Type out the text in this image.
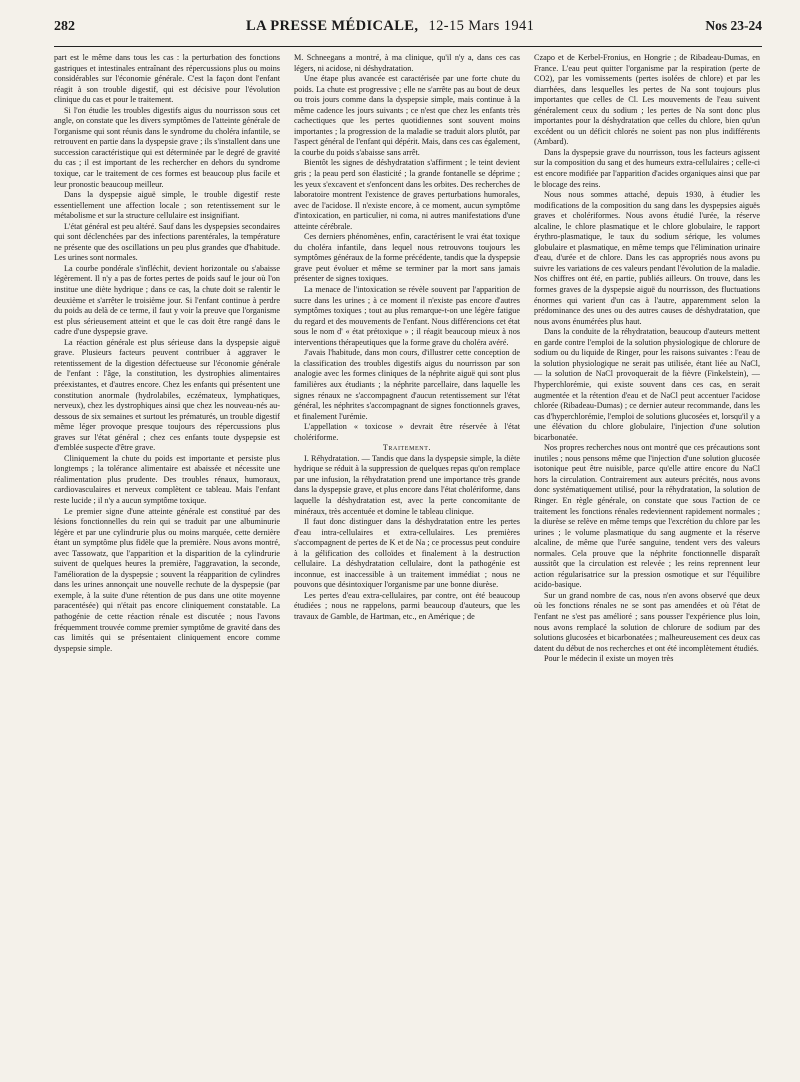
282	LA PRESSE MÉDICALE, 12-15 Mars 1941	Nos 23-24

part est le même dans tous les cas : la perturbation des fonctions gastriques et intestinales entraînant des répercussions plus ou moins considérables sur l'économie générale. C'est la façon dont l'enfant réagit à son trouble digestif, qui est décisive pour l'évolution clinique du cas et pour le traitement.

Si l'on étudie les troubles digestifs aigus du nourrisson sous cet angle, on constate que les divers symptômes de l'atteinte générale de l'organisme qui sont réunis dans le syndrome du choléra infantile, se retrouvent en partie dans la dyspepsie grave ; ils s'installent dans une succession caractéristique qui est déterminée par le degré de gravité du cas ; il est important de les rechercher en dehors du syndrome toxique, car le traitement de ces formes est beaucoup plus facile et leur pronostic beaucoup meilleur.

Dans la dyspepsie aiguë simple, le trouble digestif reste essentiellement une affection locale ; son retentissement sur le métabolisme et sur la structure cellulaire est insignifiant.

L'état général est peu altéré. Sauf dans les dyspepsies secondaires qui sont déclenchées par des infections parentérales, la température ne présente que des oscillations un peu plus grandes que d'habitude. Les urines sont normales.

La courbe pondérale s'infléchit, devient horizontale ou s'abaisse légèrement. Il n'y a pas de fortes pertes de poids sauf le jour où l'on institue une diète hydrique ; dans ce cas, la chute doit se ralentir le deuxième et s'arrêter le troisième jour. Si l'enfant continue à perdre du poids au delà de ce terme, il faut y voir la preuve que l'organisme est plus sérieusement atteint et que le cas doit être rangé dans le cadre d'une dyspepsie grave.

La réaction générale est plus sérieuse dans la dyspepsie aiguë grave. Plusieurs facteurs peuvent contribuer à aggraver le retentissement de la digestion défectueuse sur l'économie générale de l'enfant : l'âge, la constitution, les dystrophies alimentaires préexistantes, et d'autres encore. Chez les enfants qui présentent une constitution anormale (hydrolabiles, eczémateux, lymphatiques, nerveux), chez les dystrophiques ainsi que chez les nouveau-nés au-dessous de six semaines et surtout les prématurés, un trouble digestif même léger provoque presque toujours des répercussions plus graves sur l'état général ; chez ces enfants toute dyspepsie est d'emblée suspecte d'être grave.

Cliniquement la chute du poids est importante et persiste plus longtemps ; la tolérance alimentaire est abaissée et nécessite une réalimentation plus prudente. Des troubles rénaux, humoraux, cardiovasculaires et nerveux complètent ce tableau. Mais l'enfant reste lucide ; il n'y a aucun symptôme toxique.

Le premier signe d'une atteinte générale est constitué par des lésions fonctionnelles du rein qui se traduit par une albuminurie légère et par une cylindrurie plus ou moins marquée, cette dernière étant un symptôme plus fidèle que la première. Nous avons montré, avec Tassowatz, que l'apparition et la disparition de la cylindrurie suivent de quelques heures la première, l'aggravation, la seconde, l'amélioration de la dyspepsie ; souvent la réapparition de cylindres dans les urines annonçait une nouvelle rechute de la dyspepsie (par exemple, à la suite d'une rétention de pus dans une otite moyenne paracentésée) qui n'était pas encore cliniquement constatable. La pathogénie de cette réaction rénale est discutée ; nous l'avons fréquemment trouvée comme premier symptôme de gravité dans des cas limités qui se présentaient cliniquement encore comme dyspepsie simple.

M. Schneegans a montré, à ma clinique, qu'il n'y a, dans ces cas légers, ni acidose, ni déshydratation.

Une étape plus avancée est caractérisée par une forte chute du poids. La chute est progressive ; elle ne s'arrête pas au bout de deux ou trois jours comme dans la dyspepsie simple, mais continue à la même cadence les jours suivants ; ce n'est que chez les enfants très cachectiques que les pertes quotidiennes sont souvent moins importantes ; la progression de la maladie se traduit alors plutôt, par l'aspect général de l'enfant qui dépérit. Mais, dans ces cas également, la courbe du poids s'abaisse sans arrêt.

Bientôt les signes de déshydratation s'affirment ; le teint devient gris ; la peau perd son élasticité ; la grande fontanelle se déprime ; les yeux s'excavent et s'enfoncent dans les orbites. Des recherches de laboratoire montrent l'existence de graves perturbations humorales, avec de l'acidose. Il n'existe encore, à ce moment, aucun symptôme d'intoxication, en particulier, ni coma, ni autres manifestations d'une atteinte cérébrale.

Ces derniers phénomènes, enfin, caractérisent le vrai état toxique du choléra infantile, dans lequel nous retrouvons toujours les symptômes généraux de la forme précédente, tandis que la dyspepsie grave peut évoluer et même se terminer par la mort sans jamais présenter de signes toxiques.

La menace de l'intoxication se révèle souvent par l'apparition de sucre dans les urines ; à ce moment il n'existe pas encore d'autres symptômes toxiques ; tout au plus remarque-t-on une légère fatigue du regard et des mouvements de l'enfant. Nous différencions cet état sous le nom d' « état prétoxique » ; il réagit beaucoup mieux à nos interventions thérapeutiques que la forme grave du choléra avéré.

J'avais l'habitude, dans mon cours, d'illustrer cette conception de la classification des troubles digestifs aigus du nourrisson par son analogie avec les formes cliniques de la néphrite aiguë qui sont plus familières aux étudiants ; la néphrite parcellaire, dans laquelle les signes rénaux ne s'accompagnent d'aucun retentissement sur l'état général, les néphrites s'accompagnant de signes fonctionnels graves, et finalement l'urémie.

L'appellation « toxicose » devrait être réservée à l'état cholériforme.

Traitement.

I. Réhydratation. — Tandis que dans la dyspepsie simple, la diète hydrique se réduit à la suppression de quelques repas qu'on remplace par une infusion, la réhydratation prend une importance très grande dans la dyspepsie grave, et plus encore dans l'état cholériforme, dans laquelle la déshydratation est, avec la perte concomitante de minéraux, très accentuée et domine le tableau clinique.

Il faut donc distinguer dans la déshydratation entre les pertes d'eau intra-cellulaires et extra-cellulaires. Les premières s'accompagnent de pertes de K et de Na ; ce processus peut conduire à la gélification des colloïdes et finalement à la destruction cellulaire. La déshydratation cellulaire, dont la pathogénie est inconnue, est inaccessible à un traitement immédiat ; nous ne pouvons que désintoxiquer l'organisme par une bonne diurèse.

Les pertes d'eau extra-cellulaires, par contre, ont été beaucoup étudiées ; nous ne rappelons, parmi beaucoup d'auteurs, que les travaux de Gamble, de Hartman, etc., en Amérique ; de

Czapo et de Kerbel-Fronius, en Hongrie ; de Ribadeau-Dumas, en France. L'eau peut quitter l'organisme par la respiration (perte de CO2), par les vomissements (pertes isolées de chlore) et par les diarrhées, dans lesquelles les pertes de Na sont toujours plus importantes que celles de Cl. Les mouvements de l'eau suivent généralement ceux du sodium ; les pertes de Na sont donc plus importantes pour la déshydratation que celles du chlore, bien qu'un excédent ou un déficit chlorés ne soient pas non plus indifférents (Ambard).

Dans la dyspepsie grave du nourrisson, tous les facteurs agissent sur la composition du sang et des humeurs extra-cellulaires ; celle-ci est encore modifiée par l'apparition d'acides organiques ainsi que par le blocage des reins.

Nous nous sommes attaché, depuis 1930, à étudier les modifications de la composition du sang dans les dyspepsies aiguës graves et cholériformes. Nous avons étudié l'urée, la réserve alcaline, le chlore plasmatique et le chlore globulaire, le rapport érythro-plasmatique, le taux du sodium sérique, les volumes globulaire et plasmatique, en même temps que l'élimination urinaire d'eau, d'urée et de chlore. Dans les cas appropriés nous avons pu suivre les variations de ces valeurs pendant l'évolution de la maladie. Nos chiffres ont été, en partie, publiés ailleurs. On trouve, dans les formes graves de la dyspepsie aiguë du nourrisson, des fluctuations énormes qui varient d'un cas à l'autre, apparemment selon la prédominance des unes ou des autres causes de déshydratation, que nous avons énumérées plus haut.

Dans la conduite de la réhydratation, beaucoup d'auteurs mettent en garde contre l'emploi de la solution physiologique de chlorure de sodium ou du liquide de Ringer, pour les raisons suivantes : l'eau de la solution physiologique ne serait pas utilisée, étant liée au NaCl, — la solution de NaCl provoquerait de la fièvre (Finkelstein), — l'hyperchlorémie, qui existe souvent dans ces cas, en serait augmentée et la rétention d'eau et de NaCl peut accentuer l'acidose chlorée (Ribadeau-Dumas) ; ce dernier auteur recommande, dans les cas d'hyperchlorémie, l'emploi de solutions glucosées et, lorsqu'il y a une élévation du chlore globulaire, l'injection d'une solution bicarbonatée.

Nos propres recherches nous ont montré que ces précautions sont inutiles ; nous pensons même que l'injection d'une solution glucosée isotonique peut être nuisible, parce qu'elle attire encore du NaCl hors la circulation. Contrairement aux auteurs précités, nous avons donc systématiquement utilisé, pour la réhydratation, la solution de Ringer. En règle générale, on constate que sous l'action de ce traitement les fonctions rénales redeviennent rapidement normales ; la diurèse se relève en même temps que l'excrétion du chlore par les urines ; le volume plasmatique du sang augmente et la réserve alcaline, de même que l'urée sanguine, tendent vers des valeurs normales. Cela prouve que la néphrite fonctionnelle disparaît aussitôt que la circulation est relevée ; les reins reprennent leur action régularisatrice sur la pression osmotique et sur l'équilibre acido-basique.

Sur un grand nombre de cas, nous n'en avons observé que deux où les fonctions rénales ne se sont pas amendées et où l'état de l'enfant ne s'est pas amélioré ; sans pousser l'expérience plus loin, nous avons remplacé la solution de chlorure de sodium par des solutions glucosées et bicarbonatées ; malheureusement ces deux cas datent du début de nos recherches et ont été incomplètement étudiés.

Pour le médecin il existe un moyen très
